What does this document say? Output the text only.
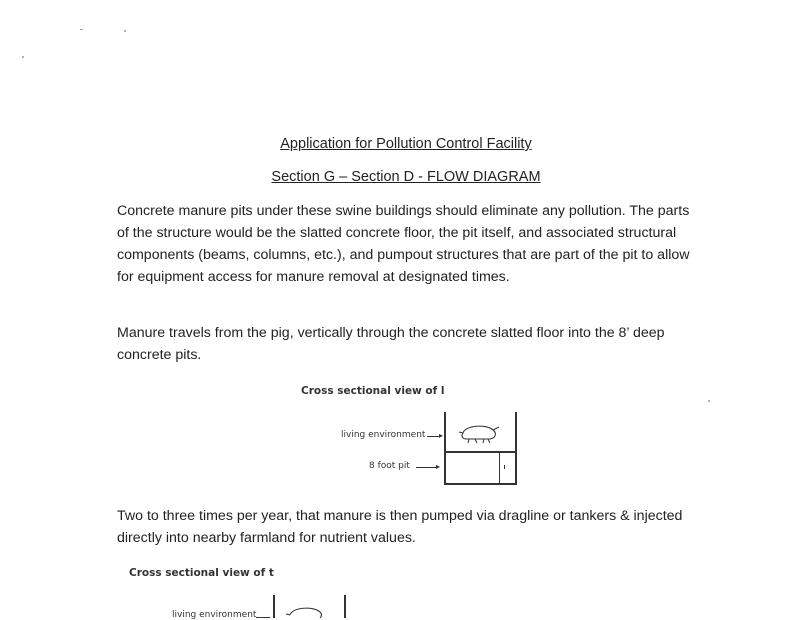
Application for Pollution Control Facility
Section G – Section D - FLOW DIAGRAM
Concrete manure pits under these swine buildings should eliminate any pollution. The parts of the structure would be the slatted concrete floor, the pit itself, and associated structural components (beams, columns, etc.), and pumpout structures that are part of the pit to allow for equipment access for manure removal at designated times.
Manure travels from the pig, vertically through the concrete slatted floor into the 8’ deep concrete pits.
Two to three times per year, that manure is then pumped via dragline or tankers & injected directly into nearby farmland for nutrient values.
Cross sectional view of l
living environment ▸
8 foot pit	▸
Cross sectional view of t
living environment
